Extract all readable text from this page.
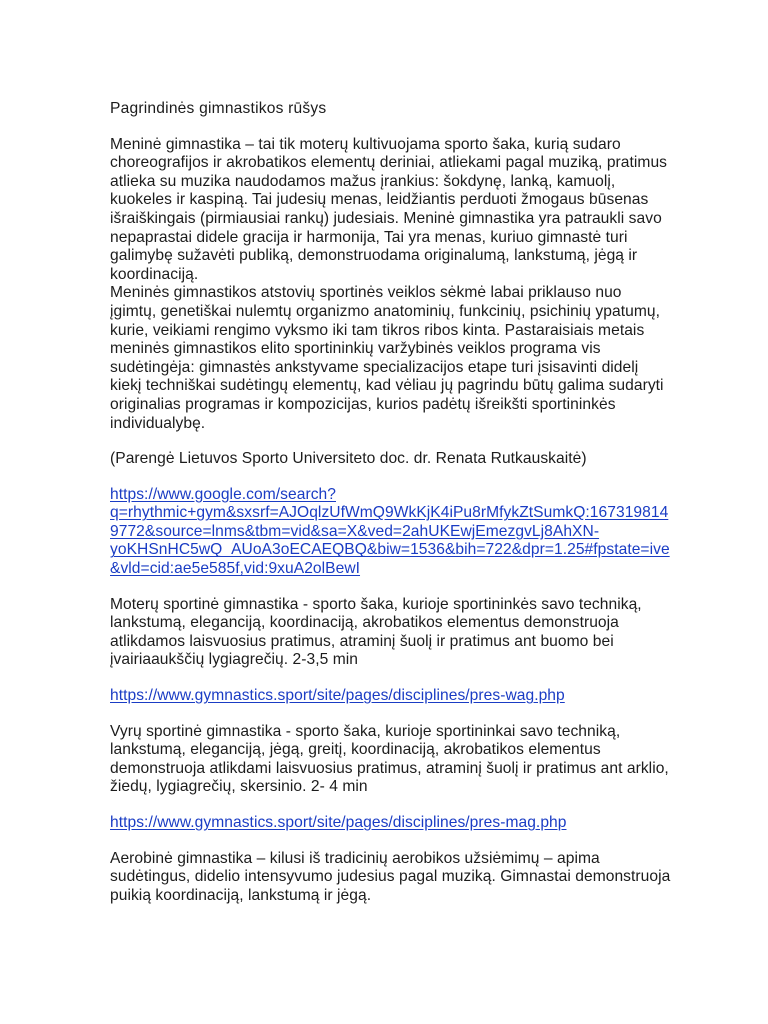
Pagrindinės gimnastikos rūšys
Meninė gimnastika – tai tik moterų kultivuojama sporto šaka, kurią sudaro
choreografijos ir akrobatikos elementų deriniai, atliekami pagal muziką, pratimus
atlieka su muzika naudodamos mažus įrankius: šokdynę, lanką, kamuolį,
kuokeles ir kaspiną. Tai judesių menas, leidžiantis perduoti žmogaus būsenas
išraiškingais (pirmiausiai rankų) judesiais. Meninė gimnastika yra patraukli savo
nepaprastai didele gracija ir harmonija, Tai yra menas, kuriuo gimnastė turi
galimybę sužavėti publiką, demonstruodama originalumą, lankstumą, jėgą ir
koordinaciją.
Meninės gimnastikos atstovių sportinės veiklos sėkmė labai priklauso nuo
įgimtų, genetiškai nulemtų organizmo anatominių, funkcinių, psichinių ypatumų,
kurie, veikiami rengimo vyksmo iki tam tikros ribos kinta. Pastaraisiais metais
meninės gimnastikos elito sportininkių varžybinės veiklos programa vis
sudėtingėja: gimnastės ankstyvame specializacijos etape turi įsisavinti didelį
kiekį techniškai sudėtingų elementų, kad vėliau jų pagrindu būtų galima sudaryti
originalias programas ir kompozicijas, kurios padėtų išreikšti sportininkės
individualybę.
(Parengė Lietuvos Sporto Universiteto doc. dr. Renata Rutkauskaitė)
https://www.google.com/search?
q=rhythmic+gym&sxsrf=AJOqlzUfWmQ9WkKjK4iPu8rMfykZtSumkQ:167319814
9772&source=lnms&tbm=vid&sa=X&ved=2ahUKEwjEmezgvLj8AhXN-
yoKHSnHC5wQ_AUoA3oECAEQBQ&biw=1536&bih=722&dpr=1.25#fpstate=ive
&vld=cid:ae5e585f,vid:9xuA2olBewI
Moterų sportinė gimnastika - sporto šaka, kurioje sportininkės savo techniką,
lankstumą, eleganciją, koordinaciją, akrobatikos elementus demonstruoja
atlikdamos laisvuosius pratimus, atraminį šuolį ir pratimus ant buomo bei
įvairiaaukščių lygiagrečių. 2-3,5 min
https://www.gymnastics.sport/site/pages/disciplines/pres-wag.php
Vyrų sportinė gimnastika - sporto šaka, kurioje sportininkai savo techniką,
lankstumą, eleganciją, jėgą, greitį, koordinaciją, akrobatikos elementus
demonstruoja atlikdami laisvuosius pratimus, atraminį šuolį ir pratimus ant arklio,
žiedų, lygiagrečių, skersinio. 2- 4 min
https://www.gymnastics.sport/site/pages/disciplines/pres-mag.php
Aerobinė gimnastika – kilusi iš tradicinių aerobikos užsiėmimų – apima
sudėtingus, didelio intensyvumo judesius pagal muziką. Gimnastai demonstruoja
puikią koordinaciją, lankstumą ir jėgą.
